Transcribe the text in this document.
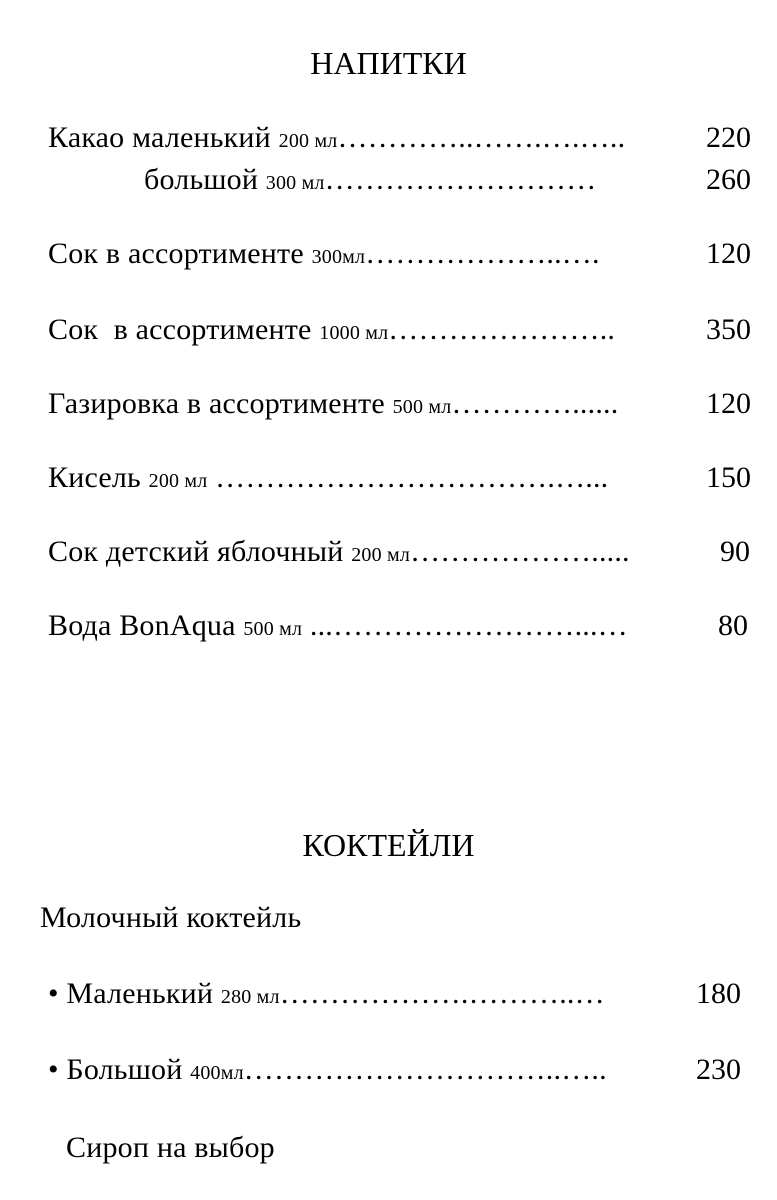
НАПИТКИ
Какао маленький 200 мл…………..…….….…..	220
большой 300 мл………………………	260
Сок в ассортименте 300мл………………..….	120
Сок  в ассортименте 1000 мл…………………..	350
Газировка в ассортименте 500 мл…………......	120
Кисель 200 мл …………………………….…...	150
Сок детский яблочный 200 мл……………….....	90
Вода BonAqua 500 мл ...……………………...…	80
КОКТЕЙЛИ
Молочный коктейль
• Маленький 280 мл……………….………..…	180
• Большой 400мл…………………………..…..	230
Сироп на выбор
